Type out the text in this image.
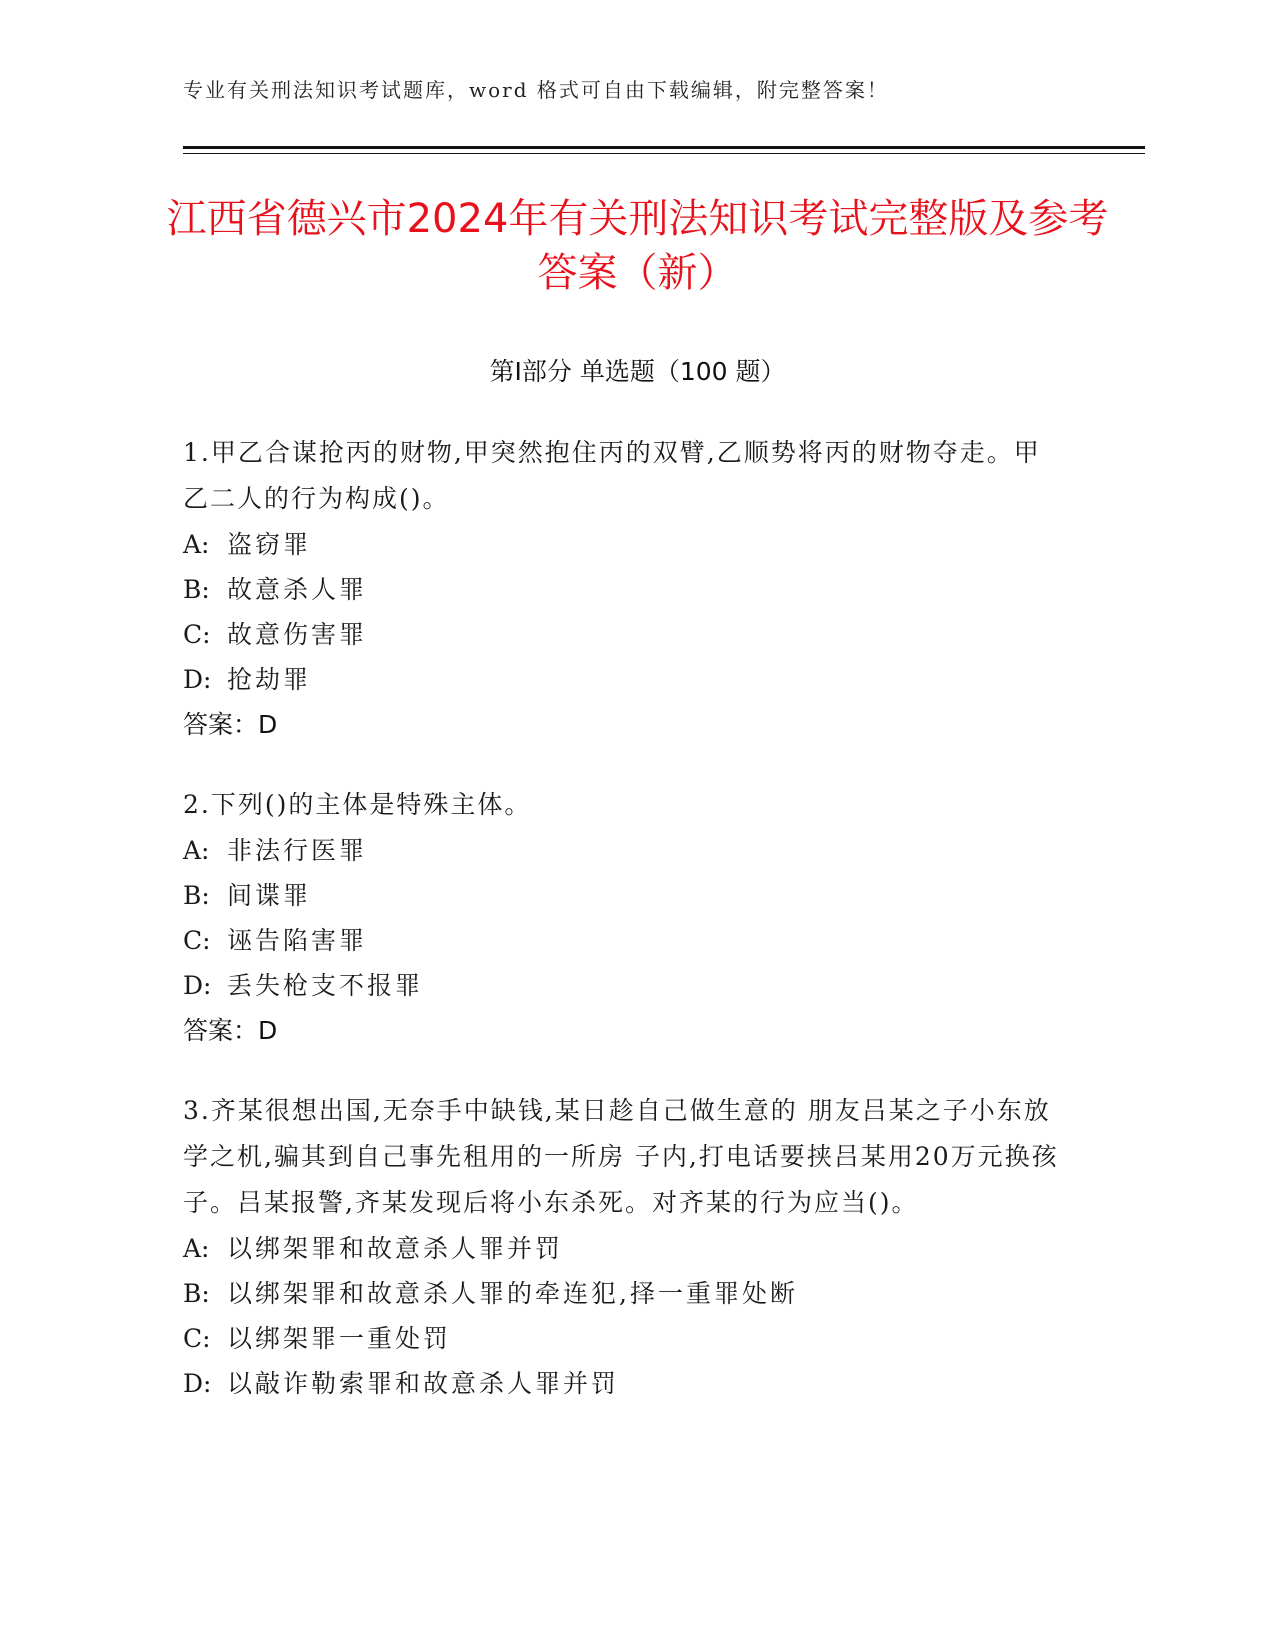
专业有关刑法知识考试题库，word 格式可自由下载编辑，附完整答案！
江西省德兴市2024年有关刑法知识考试完整版及参考答案（新）
第Ⅰ部分 单选题（100 题）

1.甲乙合谋抢丙的财物,甲突然抱住丙的双臂,乙顺势将丙的财物夺走。甲乙二人的行为构成()。

A: 盗窃罪
B: 故意杀人罪
C: 故意伤害罪
D: 抢劫罪
答案：D

2.下列()的主体是特殊主体。

A: 非法行医罪
B: 间谍罪
C: 诬告陷害罪
D: 丢失枪支不报罪
答案：D

3.齐某很想出国,无奈手中缺钱,某日趁自己做生意的 朋友吕某之子小东放学之机,骗其到自己事先租用的一所房 子内,打电话要挟吕某用20万元换孩子。吕某报警,齐某发现后将小东杀死。对齐某的行为应当()。

A: 以绑架罪和故意杀人罪并罚
B: 以绑架罪和故意杀人罪的牵连犯,择一重罪处断
C: 以绑架罪一重处罚
D: 以敲诈勒索罪和故意杀人罪并罚
